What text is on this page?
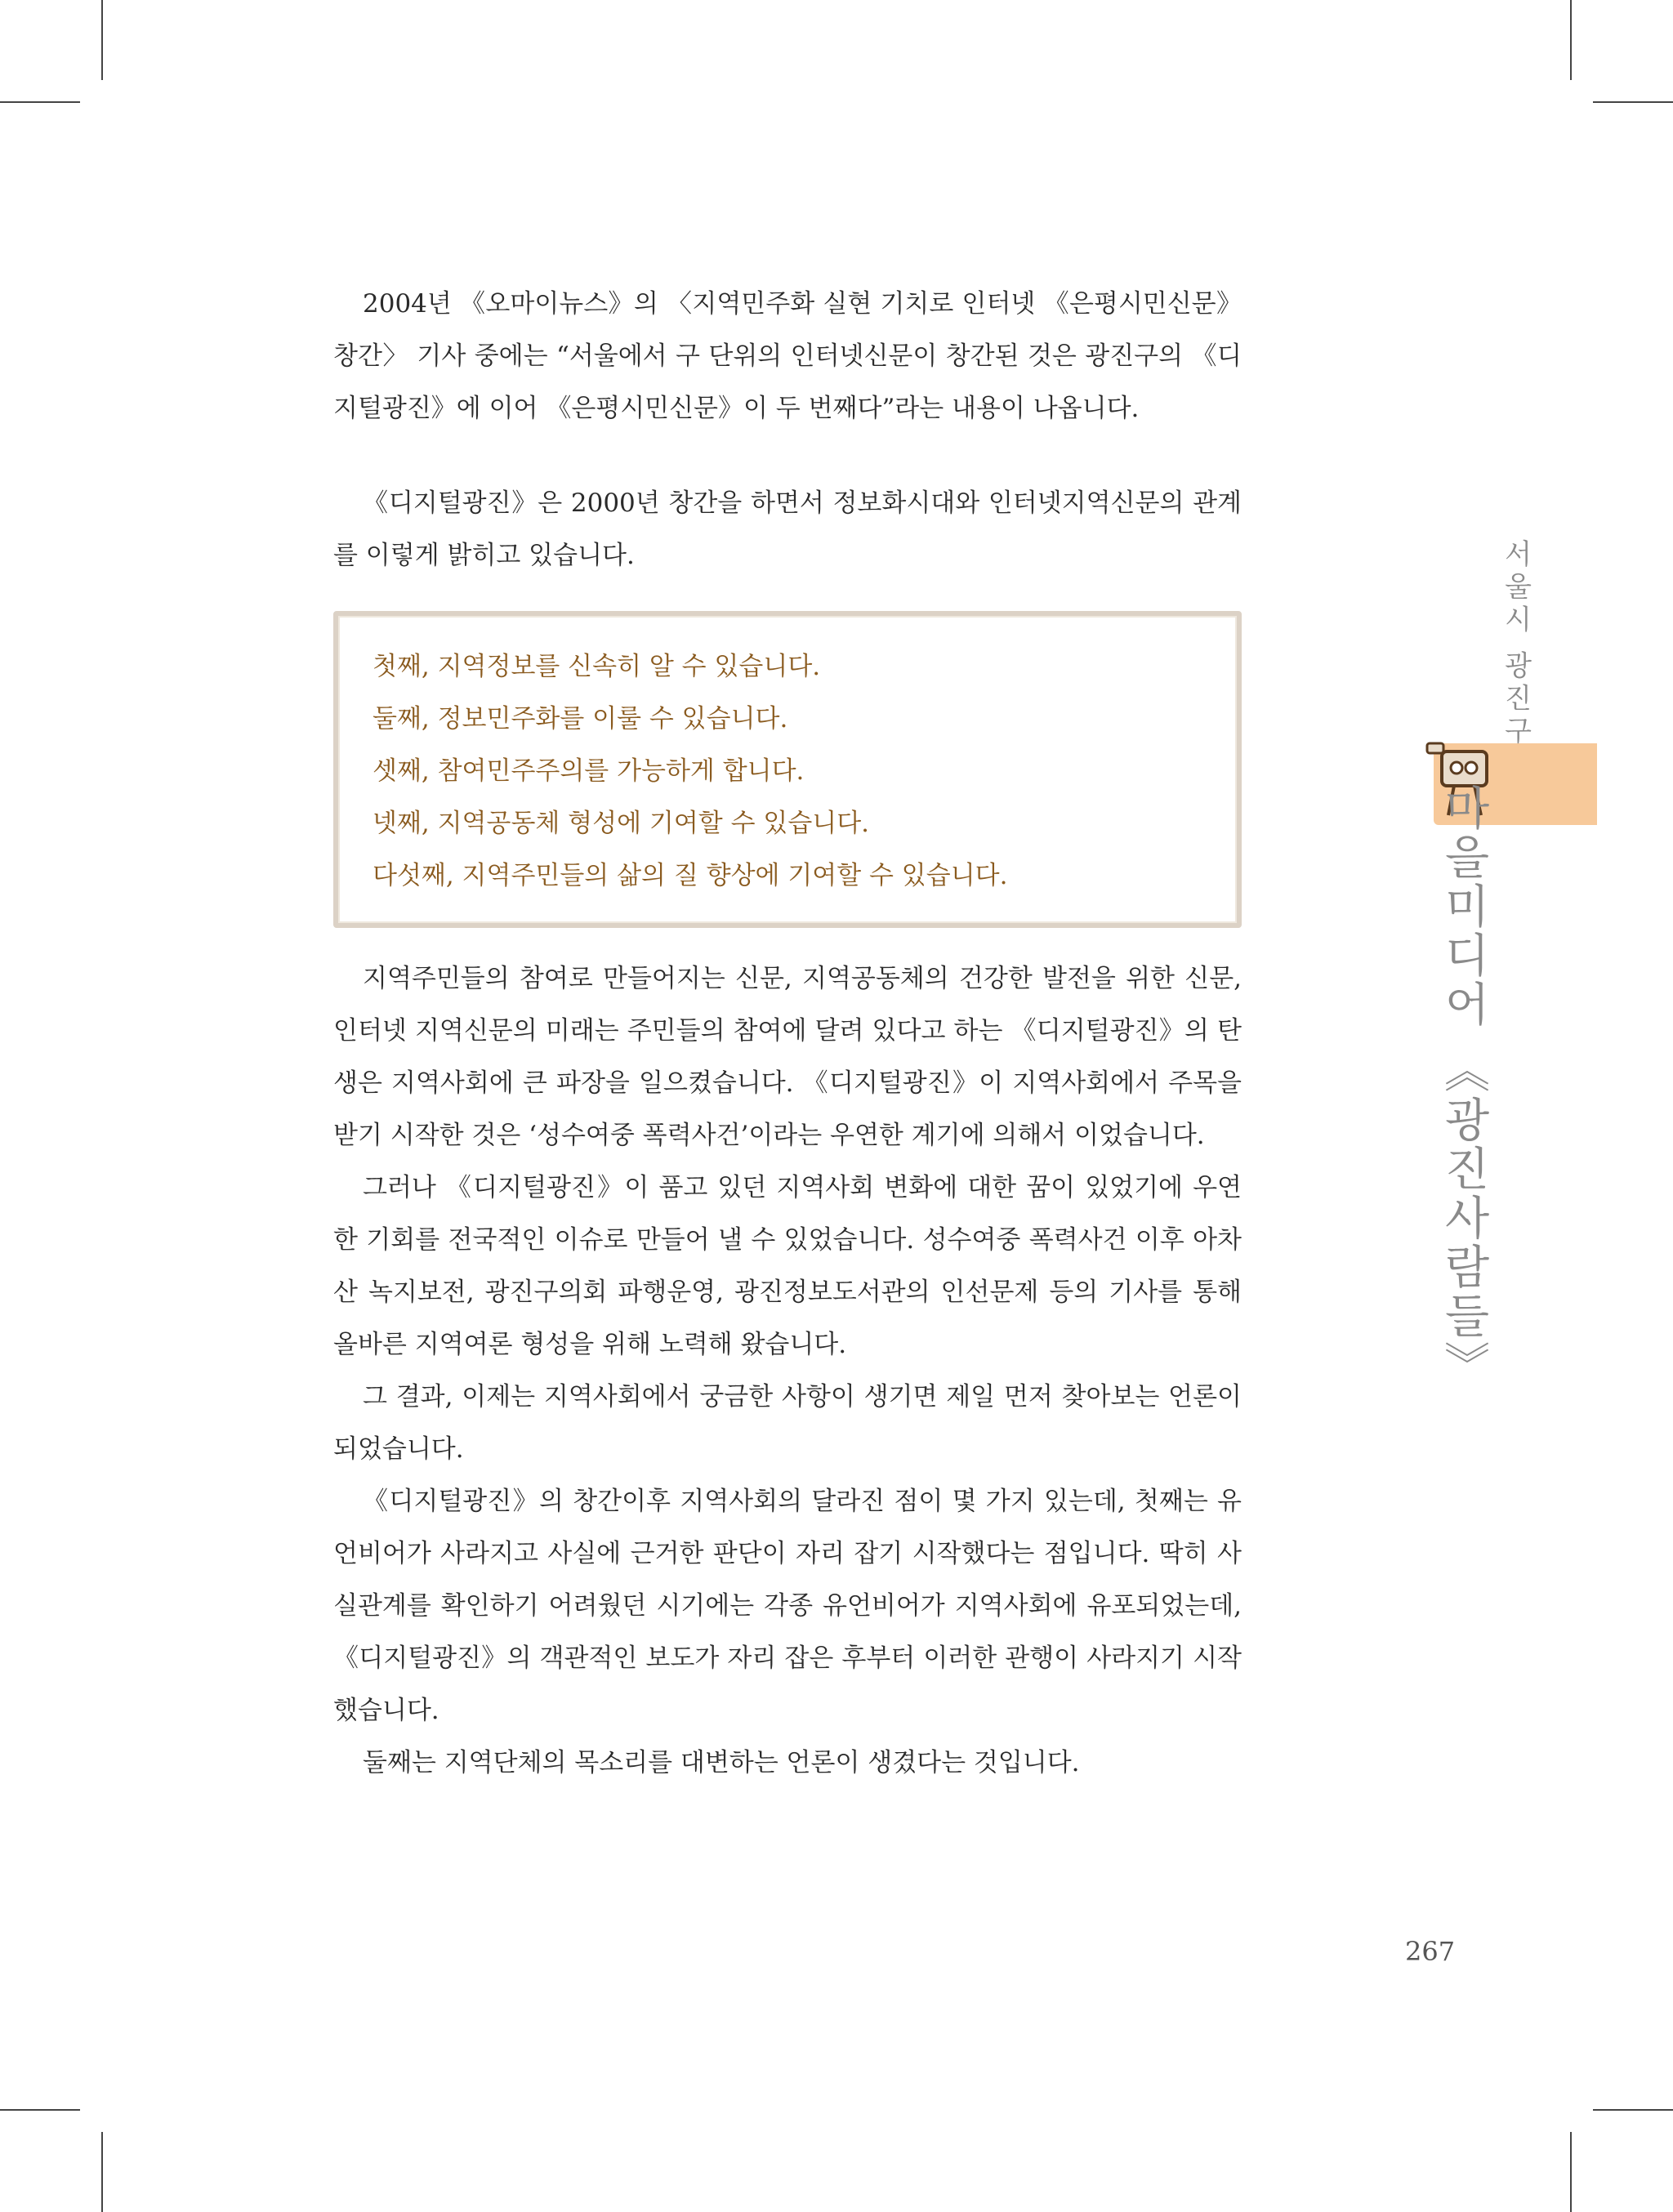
2004년 《오마이뉴스》의 〈지역민주화 실현 기치로 인터넷 《은평시민신문》 창간〉 기사 중에는 “서울에서 구 단위의 인터넷신문이 창간된 것은 광진구의 《디지털광진》에 이어 《은평시민신문》이 두 번째다”라는 내용이 나옵니다.

《디지털광진》은 2000년 창간을 하면서 정보화시대와 인터넷지역신문의 관계를 이렇게 밝히고 있습니다.

첫째, 지역정보를 신속히 알 수 있습니다.
둘째, 정보민주화를 이룰 수 있습니다.
셋째, 참여민주주의를 가능하게 합니다.
넷째, 지역공동체 형성에 기여할 수 있습니다.
다섯째, 지역주민들의 삶의 질 향상에 기여할 수 있습니다.

지역주민들의 참여로 만들어지는 신문, 지역공동체의 건강한 발전을 위한 신문, 인터넷 지역신문의 미래는 주민들의 참여에 달려 있다고 하는 《디지털광진》의 탄생은 지역사회에 큰 파장을 일으켰습니다. 《디지털광진》이 지역사회에서 주목을 받기 시작한 것은 ‘성수여중 폭력사건’이라는 우연한 계기에 의해서 이었습니다.

그러나 《디지털광진》이 품고 있던 지역사회 변화에 대한 꿈이 있었기에 우연한 기회를 전국적인 이슈로 만들어 낼 수 있었습니다. 성수여중 폭력사건 이후 아차산 녹지보전, 광진구의회 파행운영, 광진정보도서관의 인선문제 등의 기사를 통해 올바른 지역여론 형성을 위해 노력해 왔습니다.

그 결과, 이제는 지역사회에서 궁금한 사항이 생기면 제일 먼저 찾아보는 언론이 되었습니다.

《디지털광진》의 창간이후 지역사회의 달라진 점이 몇 가지 있는데, 첫째는 유언비어가 사라지고 사실에 근거한 판단이 자리 잡기 시작했다는 점입니다. 딱히 사실관계를 확인하기 어려웠던 시기에는 각종 유언비어가 지역사회에 유포되었는데, 《디지털광진》의 객관적인 보도가 자리 잡은 후부터 이러한 관행이 사라지기 시작했습니다.

둘째는 지역단체의 목소리를 대변하는 언론이 생겼다는 것입니다.

서울시 광진구
마을미디어 《광진사람들》
267
